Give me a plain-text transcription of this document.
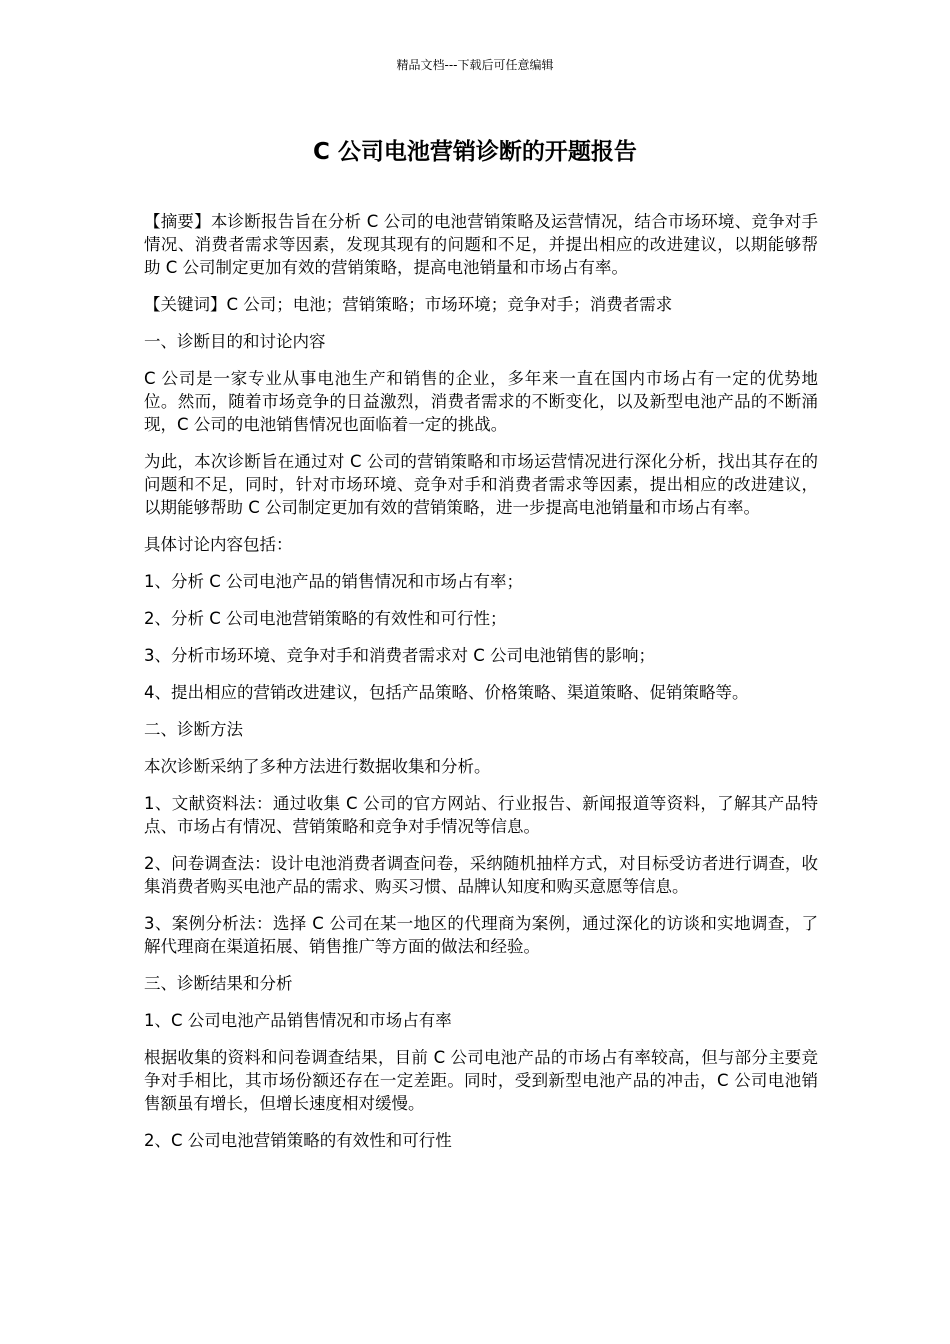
精品文档---下载后可任意编辑
C 公司电池营销诊断的开题报告

【摘要】本诊断报告旨在分析 C 公司的电池营销策略及运营情况，结合市场环境、竞争对手情况、消费者需求等因素，发现其现有的问题和不足，并提出相应的改进建议，以期能够帮助 C 公司制定更加有效的营销策略，提高电池销量和市场占有率。

【关键词】C 公司；电池；营销策略；市场环境；竞争对手；消费者需求

一、诊断目的和讨论内容

C 公司是一家专业从事电池生产和销售的企业，多年来一直在国内市场占有一定的优势地位。然而，随着市场竞争的日益激烈，消费者需求的不断变化，以及新型电池产品的不断涌现，C 公司的电池销售情况也面临着一定的挑战。

为此，本次诊断旨在通过对 C 公司的营销策略和市场运营情况进行深化分析，找出其存在的问题和不足，同时，针对市场环境、竞争对手和消费者需求等因素，提出相应的改进建议，以期能够帮助 C 公司制定更加有效的营销策略，进一步提高电池销量和市场占有率。

具体讨论内容包括：

1、分析 C 公司电池产品的销售情况和市场占有率；

2、分析 C 公司电池营销策略的有效性和可行性；

3、分析市场环境、竞争对手和消费者需求对 C 公司电池销售的影响；

4、提出相应的营销改进建议，包括产品策略、价格策略、渠道策略、促销策略等。

二、诊断方法

本次诊断采纳了多种方法进行数据收集和分析。

1、文献资料法：通过收集 C 公司的官方网站、行业报告、新闻报道等资料，了解其产品特点、市场占有情况、营销策略和竞争对手情况等信息。

2、问卷调查法：设计电池消费者调查问卷，采纳随机抽样方式，对目标受访者进行调查，收集消费者购买电池产品的需求、购买习惯、品牌认知度和购买意愿等信息。

3、案例分析法：选择 C 公司在某一地区的代理商为案例，通过深化的访谈和实地调查，了解代理商在渠道拓展、销售推广等方面的做法和经验。

三、诊断结果和分析

1、C 公司电池产品销售情况和市场占有率

根据收集的资料和问卷调查结果，目前 C 公司电池产品的市场占有率较高，但与部分主要竞争对手相比，其市场份额还存在一定差距。同时，受到新型电池产品的冲击，C 公司电池销售额虽有增长，但增长速度相对缓慢。

2、C 公司电池营销策略的有效性和可行性
